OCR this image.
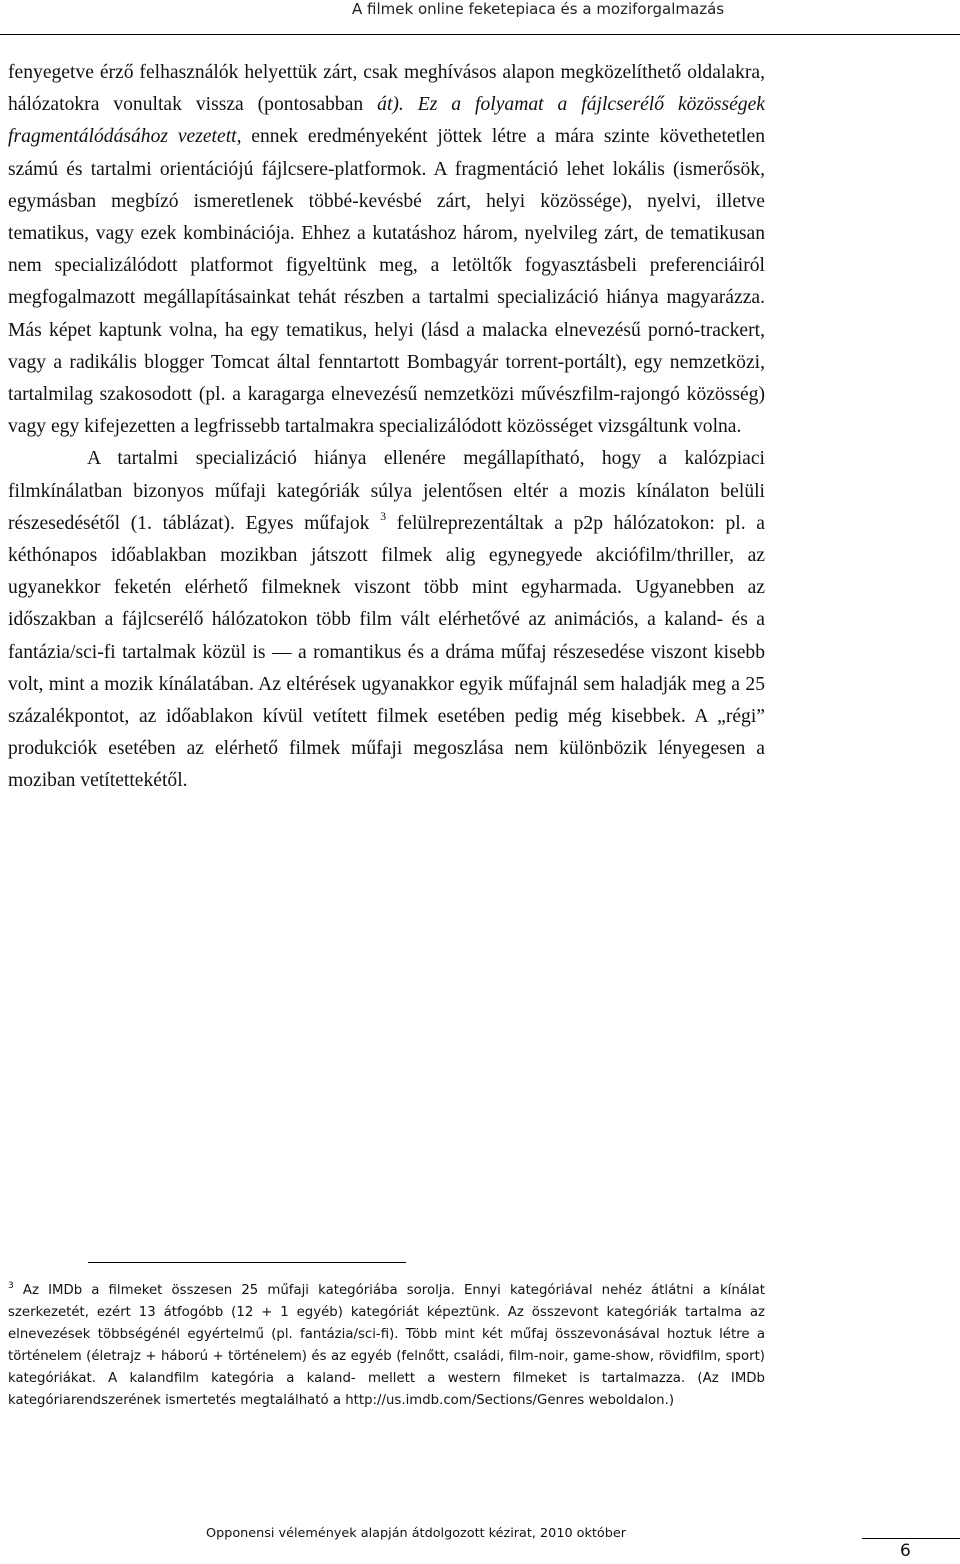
A filmek online feketepiaca és a moziforgalmazás

fenyegetve érző felhasználók helyettük zárt, csak meghívásos alapon megközelíthető oldalakra, hálózatokra vonultak vissza (pontosabban át). Ez a folyamat a fájlcserélő közösségek fragmentálódásához vezetett, ennek eredményeként jöttek létre a mára szinte követhetetlen számú és tartalmi orientációjú fájlcsere-platformok. A fragmentáció lehet lokális (ismerősök, egymásban megbízó ismeretlenek többé-kevésbé zárt, helyi közössége), nyelvi, illetve tematikus, vagy ezek kombinációja. Ehhez a kutatáshoz három, nyelvileg zárt, de tematikusan nem specializálódott platformot figyeltünk meg, a letöltők fogyasztásbeli preferenciáiról megfogalmazott megállapításainkat tehát részben a tartalmi specializáció hiánya magyarázza. Más képet kaptunk volna, ha egy tematikus, helyi (lásd a malacka elnevezésű pornó-trackert, vagy a radikális blogger Tomcat által fenntartott Bombagyár torrent-portált), egy nemzetközi, tartalmilag szakosodott (pl. a karagarga elnevezésű nemzetközi művészfilm-rajongó közösség) vagy egy kifejezetten a legfrissebb tartalmakra specializálódott közösséget vizsgáltunk volna.

A tartalmi specializáció hiánya ellenére megállapítható, hogy a kalózpiaci filmkínálatban bizonyos műfaji kategóriák súlya jelentősen eltér a mozis kínálaton belüli részesedésétől (1. táblázat). Egyes műfajok $^3$ felülreprezentáltak a p2p hálózatokon: pl. a kéthónapos időablakban mozikban játszott filmek alig egynegyede akciófilm/thriller, az ugyanekkor feketén elérhető filmeknek viszont több mint egyharmada. Ugyanebben az időszakban a fájlcserélő hálózatokon több film vált elérhetővé az animációs, a kaland- és a fantázia/sci-fi tartalmak közül is — a romantikus és a dráma műfaj részesedése viszont kisebb volt, mint a mozik kínálatában. Az eltérések ugyanakkor egyik műfajnál sem haladják meg a 25 százalékpontot, az időablakon kívül vetített filmek esetében pedig még kisebbek. A „régi” produkciók esetében az elérhető filmek műfaji megoszlása nem különbözik lényegesen a moziban vetítettekétől.

$^3$ Az IMDb a filmeket összesen 25 műfaji kategóriába sorolja. Ennyi kategóriával nehéz átlátni a kínálat szerkezetét, ezért 13 átfogóbb (12 + 1 egyéb) kategóriát képeztünk. Az összevont kategóriák tartalma az elnevezések többségénél egyértelmű (pl. fantázia/sci-fi). Több mint két műfaj összevonásával hoztuk létre a történelem (életrajz + háború + történelem) és az egyéb (felnőtt, családi, film-noir, game-show, rövidfilm, sport) kategóriákat. A kalandfilm kategória a kaland- mellett a western filmeket is tartalmazza. (Az IMDb kategóriarendszerének ismertetés megtalálható a http://us.imdb.com/Sections/Genres weboldalon.)
Opponensi vélemények alapján átdolgozott kézirat, 2010 október
6
